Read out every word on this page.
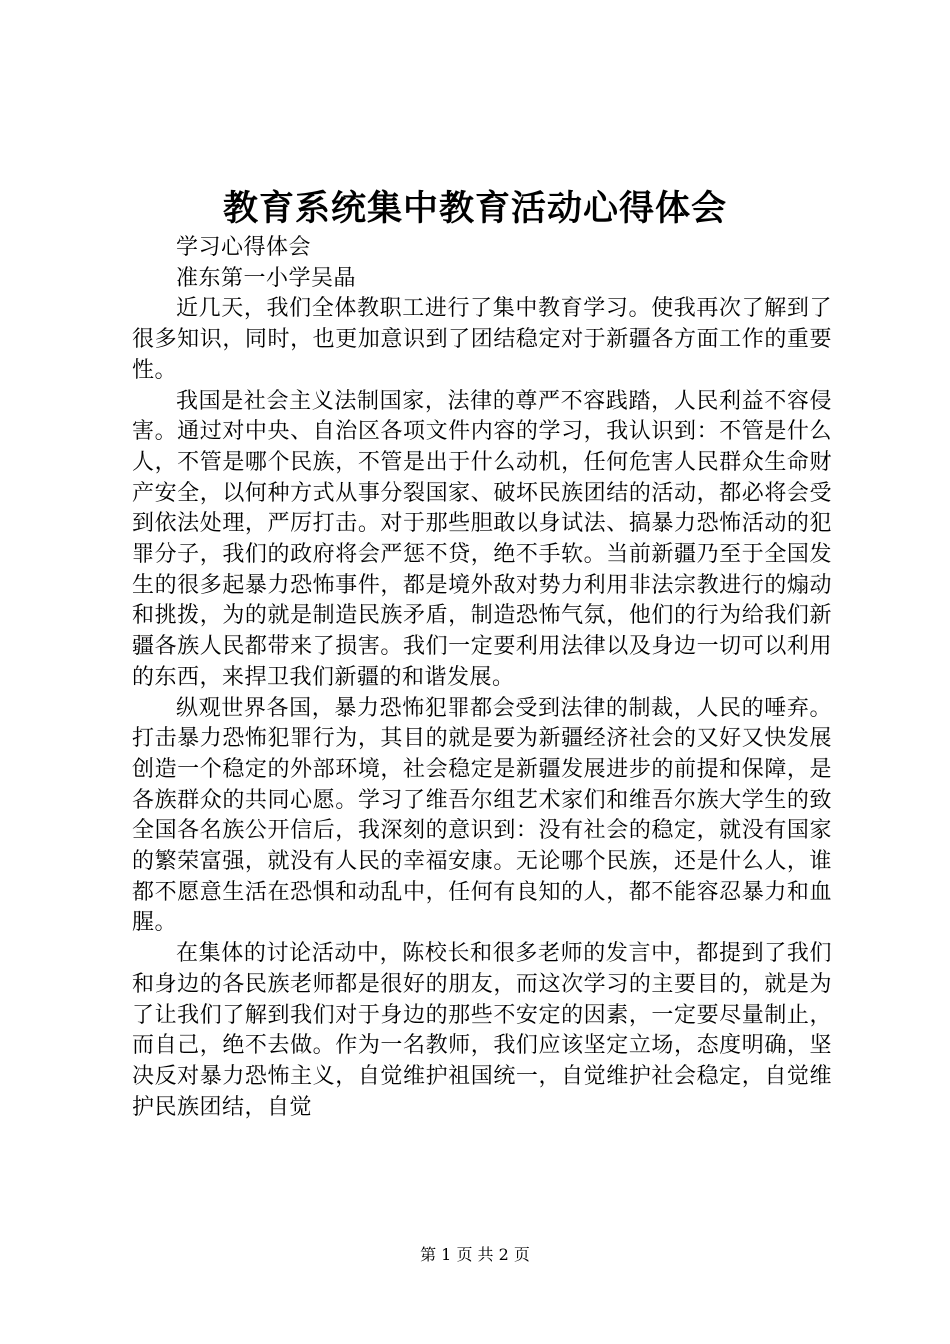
教育系统集中教育活动心得体会

学习心得体会

准东第一小学吴晶

近几天，我们全体教职工进行了集中教育学习。使我再次了解到了很多知识，同时，也更加意识到了团结稳定对于新疆各方面工作的重要性。

我国是社会主义法制国家，法律的尊严不容践踏，人民利益不容侵害。通过对中央、自治区各项文件内容的学习，我认识到：不管是什么人，不管是哪个民族，不管是出于什么动机，任何危害人民群众生命财产安全，以何种方式从事分裂国家、破坏民族团结的活动，都必将会受到依法处理，严厉打击。对于那些胆敢以身试法、搞暴力恐怖活动的犯罪分子，我们的政府将会严惩不贷，绝不手软。当前新疆乃至于全国发生的很多起暴力恐怖事件，都是境外敌对势力利用非法宗教进行的煽动和挑拨，为的就是制造民族矛盾，制造恐怖气氛，他们的行为给我们新疆各族人民都带来了损害。我们一定要利用法律以及身边一切可以利用的东西，来捍卫我们新疆的和谐发展。

纵观世界各国，暴力恐怖犯罪都会受到法律的制裁，人民的唾弃。打击暴力恐怖犯罪行为，其目的就是要为新疆经济社会的又好又快发展创造一个稳定的外部环境，社会稳定是新疆发展进步的前提和保障，是各族群众的共同心愿。学习了维吾尔组艺术家们和维吾尔族大学生的致全国各名族公开信后，我深刻的意识到：没有社会的稳定，就没有国家的繁荣富强，就没有人民的幸福安康。无论哪个民族，还是什么人，谁都不愿意生活在恐惧和动乱中，任何有良知的人，都不能容忍暴力和血腥。

在集体的讨论活动中，陈校长和很多老师的发言中，都提到了我们和身边的各民族老师都是很好的朋友，而这次学习的主要目的，就是为了让我们了解到我们对于身边的那些不安定的因素，一定要尽量制止，而自己，绝不去做。作为一名教师，我们应该坚定立场，态度明确，坚决反对暴力恐怖主义，自觉维护祖国统一，自觉维护社会稳定，自觉维护民族团结，自觉

第 1 页 共 2 页
